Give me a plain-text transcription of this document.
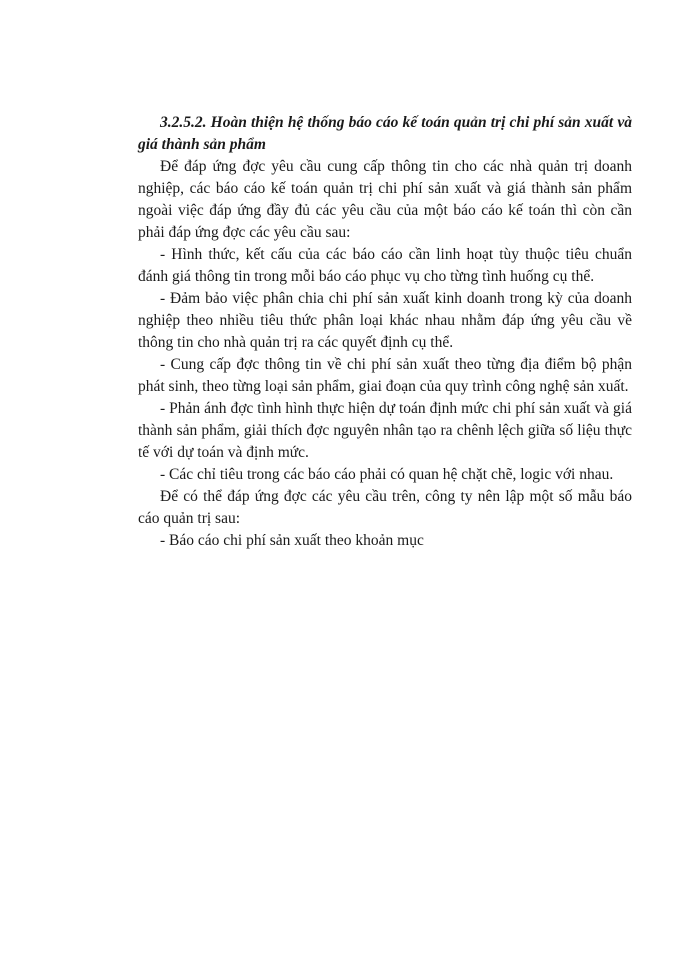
3.2.5.2. Hoàn thiện hệ thống báo cáo kế toán quản trị chi phí sản xuất và giá thành sản phẩm

Để đáp ứng đợc yêu cầu cung cấp thông tin cho các nhà quản trị doanh nghiệp, các báo cáo kế toán quản trị chi phí sản xuất và giá thành sản phẩm ngoài việc đáp ứng đầy đủ các yêu cầu của một báo cáo kế toán thì còn cần phải đáp ứng đợc các yêu cầu sau:

- Hình thức, kết cấu của các báo cáo cần linh hoạt tùy thuộc tiêu chuẩn đánh giá thông tin trong mỗi báo cáo phục vụ cho từng tình huống cụ thể.

- Đảm bảo việc phân chia chi phí sản xuất kinh doanh trong kỳ của doanh nghiệp theo nhiều tiêu thức phân loại khác nhau nhằm đáp ứng yêu cầu về thông tin cho nhà quản trị ra các quyết định cụ thể.

- Cung cấp đợc thông tin về chi phí sản xuất theo từng địa điểm bộ phận phát sinh, theo từng loại sản phẩm, giai đoạn của quy trình công nghệ sản xuất.

- Phản ánh đợc tình hình thực hiện dự toán định mức chi phí sản xuất và giá thành sản phẩm, giải thích đợc nguyên nhân tạo ra chênh lệch giữa số liệu thực tế với dự toán và định mức.

- Các chỉ tiêu trong các báo cáo phải có quan hệ chặt chẽ, logic với nhau.

Để có thể đáp ứng đợc các yêu cầu trên, công ty nên lập một số mẫu báo cáo quản trị sau:

- Báo cáo chi phí sản xuất theo khoản mục
